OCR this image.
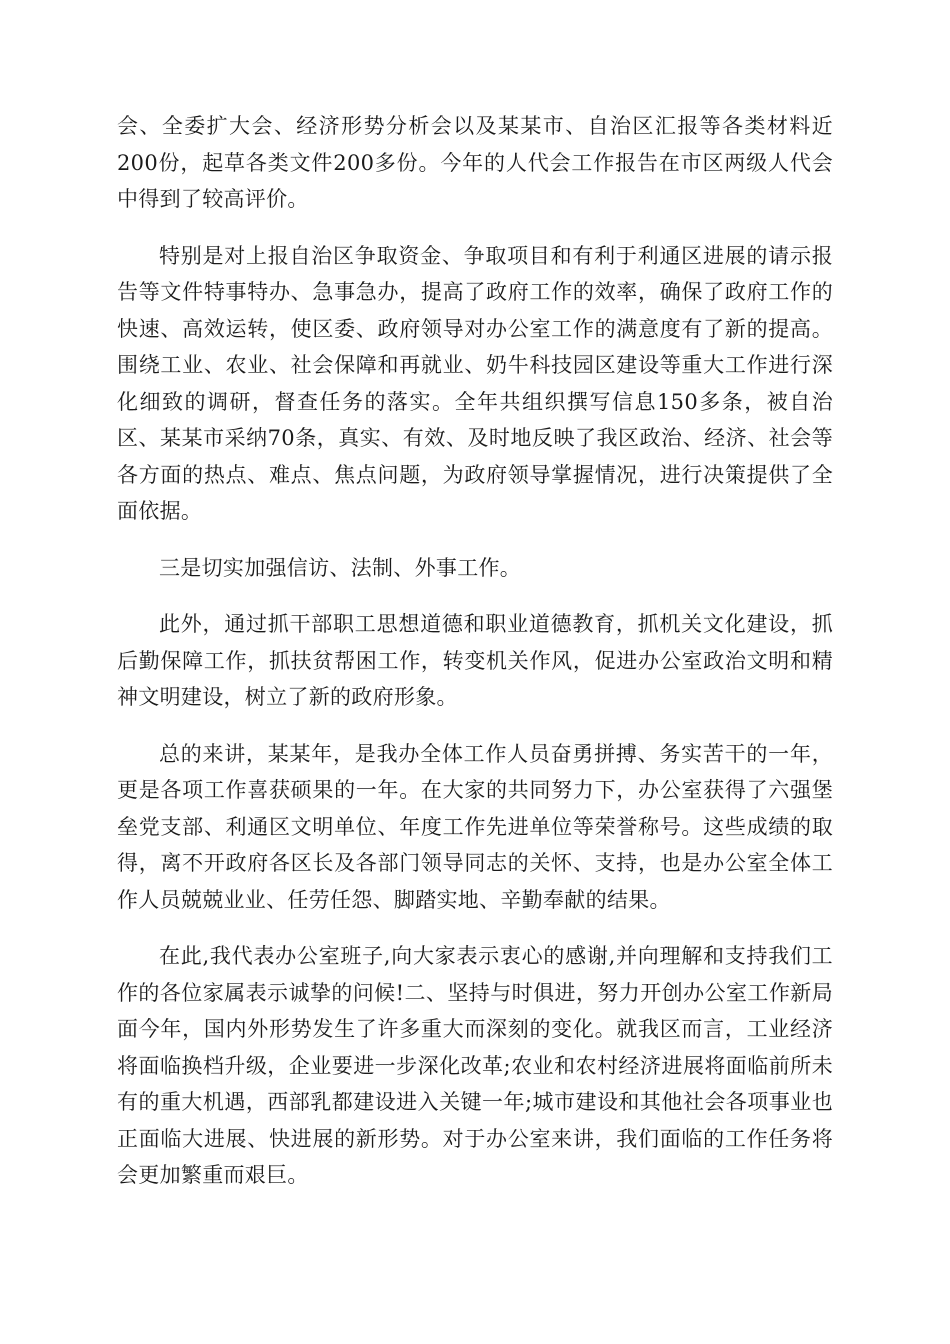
会、全委扩大会、经济形势分析会以及某某市、自治区汇报等各类材料近200份，起草各类文件200多份。今年的人代会工作报告在市区两级人代会中得到了较高评价。

特别是对上报自治区争取资金、争取项目和有利于利通区进展的请示报告等文件特事特办、急事急办，提高了政府工作的效率，确保了政府工作的快速、高效运转，使区委、政府领导对办公室工作的满意度有了新的提高。围绕工业、农业、社会保障和再就业、奶牛科技园区建设等重大工作进行深化细致的调研，督查任务的落实。全年共组织撰写信息150多条，被自治区、某某市采纳70条，真实、有效、及时地反映了我区政治、经济、社会等各方面的热点、难点、焦点问题，为政府领导掌握情况，进行决策提供了全面依据。

三是切实加强信访、法制、外事工作。

此外，通过抓干部职工思想道德和职业道德教育，抓机关文化建设，抓后勤保障工作，抓扶贫帮困工作，转变机关作风，促进办公室政治文明和精神文明建设，树立了新的政府形象。

总的来讲，某某年，是我办全体工作人员奋勇拼搏、务实苦干的一年，更是各项工作喜获硕果的一年。在大家的共同努力下，办公室获得了六强堡垒党支部、利通区文明单位、年度工作先进单位等荣誉称号。这些成绩的取得，离不开政府各区长及各部门领导同志的关怀、支持，也是办公室全体工作人员兢兢业业、任劳任怨、脚踏实地、辛勤奉献的结果。

在此,我代表办公室班子,向大家表示衷心的感谢,并向理解和支持我们工作的各位家属表示诚挚的问候!二、坚持与时俱进，努力开创办公室工作新局面今年，国内外形势发生了许多重大而深刻的变化。就我区而言，工业经济将面临换档升级，企业要进一步深化改革;农业和农村经济进展将面临前所未有的重大机遇，西部乳都建设进入关键一年;城市建设和其他社会各项事业也正面临大进展、快进展的新形势。对于办公室来讲，我们面临的工作任务将会更加繁重而艰巨。
